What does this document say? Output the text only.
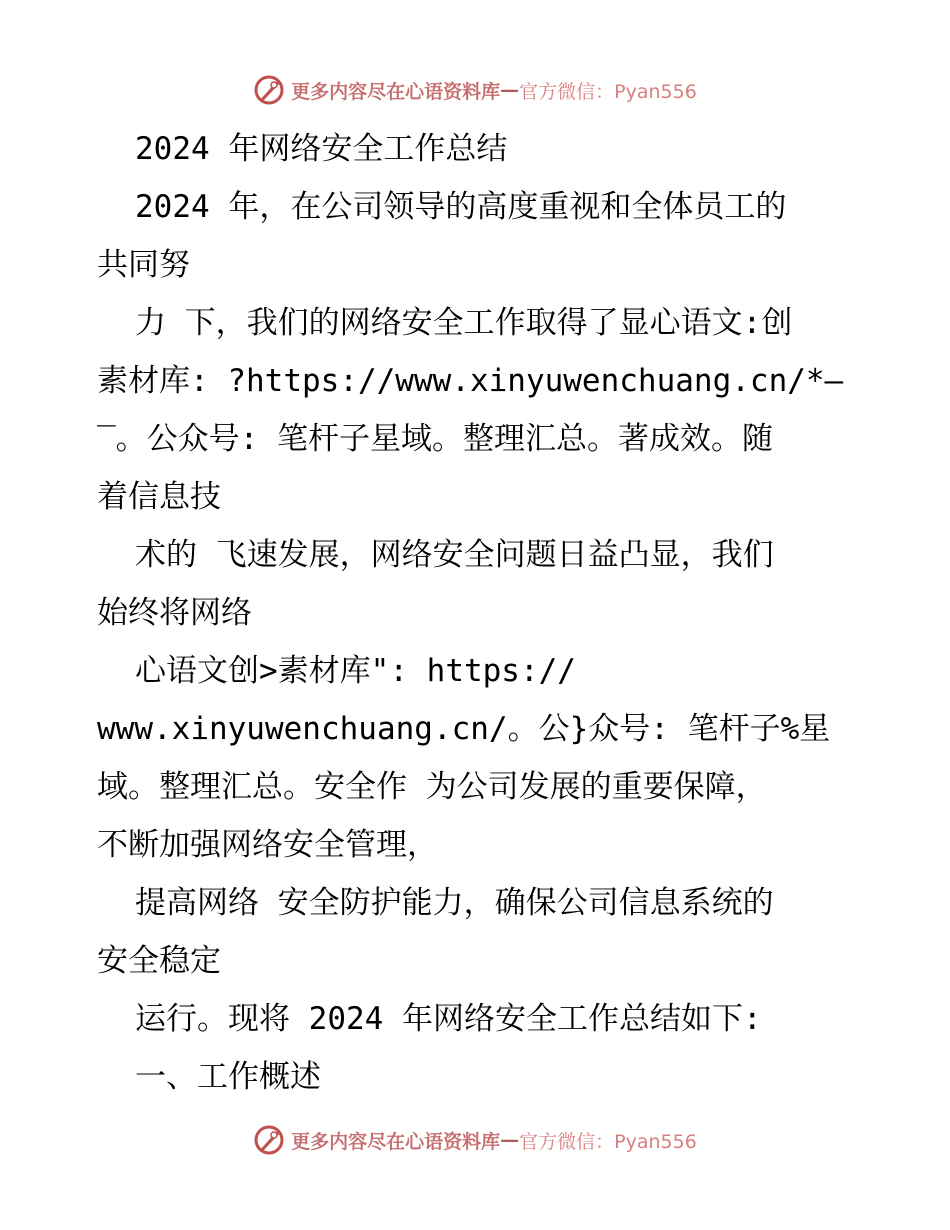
更多内容尽在心语资料库 — 官方微信：Pyan556
2024 年网络安全工作总结
2024 年，在公司领导的高度重视和全体员工的
共同努
力 下，我们的网络安全工作取得了显心语文:创
素材库: ?https://www.xinyuwenchuang.cn/*—
‾。公众号: 笔杆子星域。整理汇总。著成效。随
着信息技
术的 飞速发展，网络安全问题日益凸显，我们
始终将网络
心语文创>素材库": https://
www.xinyuwenchuang.cn/。公}众号: 笔杆子%星
域。整理汇总。安全作 为公司发展的重要保障，
不断加强网络安全管理，
提高网络 安全防护能力，确保公司信息系统的
安全稳定
运行。现将 2024 年网络安全工作总结如下:
一、工作概述
更多内容尽在心语资料库 — 官方微信：Pyan556
